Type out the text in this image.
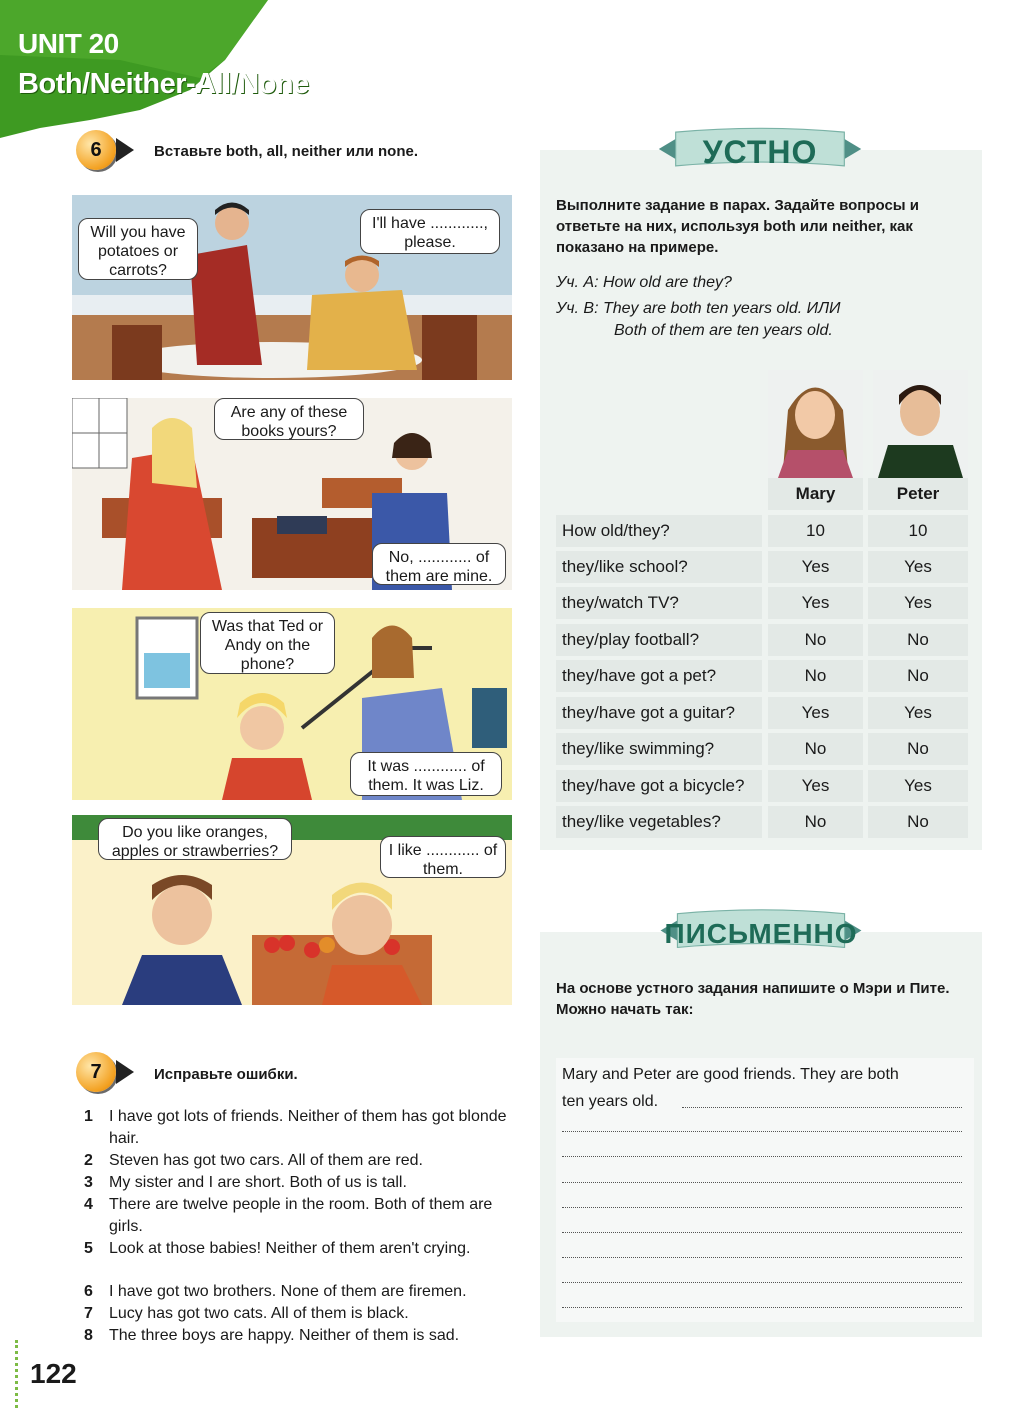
UNIT 20
Both/Neither-All/None
6	Вставьте both, all, neither или none.
Will you have potatoes or carrots?
I'll have ............, please.
Are any of these books yours?
No, ............ of them are mine.
Was that Ted or Andy on the phone?
It was ............ of them. It was Liz.
Do you like oranges, apples or strawberries?	I like ............ of them.
7	Исправьте ошибки.
1	I have got lots of friends. Neither of them has got blonde hair.
2	Steven has got two cars. All of them are red.
3	My sister and I are short. Both of us is tall.
4	There are twelve people in the room. Both of them are girls.
5	Look at those babies! Neither of them aren't crying.
6	I have got two brothers. None of them are firemen.
7	Lucy has got two cats. All of them is black.
8	The three boys are happy. Neither of them is sad.
122
УСТНО
Выполните задание в парах. Задайте вопросы и ответьте на них, используя both или neither, как показано на примере.
Уч. A: How old are they?
Уч. B: They are both ten years old. ИЛИ
Both of them are ten years old.
Mary	Peter
How old/they?	10	10
they/like school?	Yes	Yes
they/watch TV?	Yes	Yes
they/play football?	No	No
they/have got a pet?	No	No
they/have got a guitar?	Yes	Yes
they/like swimming?	No	No
they/have got a bicycle?	Yes	Yes
they/like vegetables?	No	No
ПИСЬМЕННО
На основе устного задания напишите о Мэри и Пите. Можно начать так:
Mary and Peter are good friends. They are both
ten years old.
